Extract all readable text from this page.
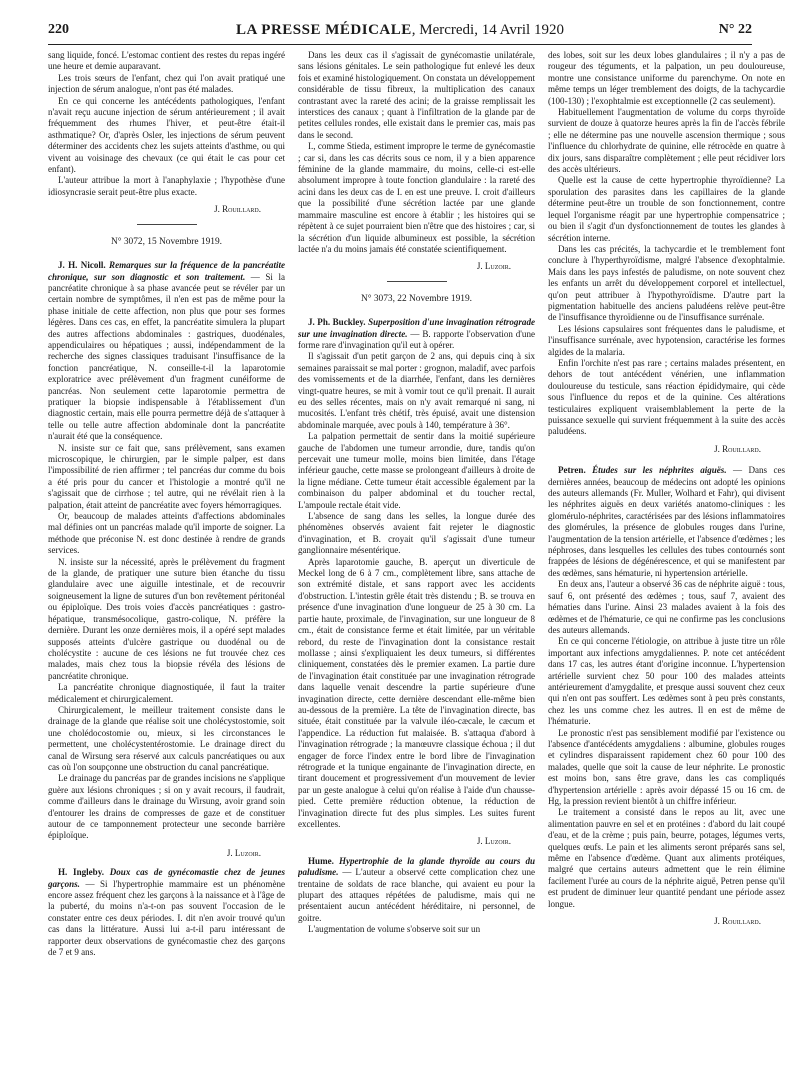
220	LA PRESSE MÉDICALE, Mercredi, 14 Avril 1920	N° 22

sang liquide, foncé. L'estomac contient des restes du repas ingéré une heure et demie auparavant.

Les trois sœurs de l'enfant, chez qui l'on avait pratiqué une injection de sérum analogue, n'ont pas été malades.

En ce qui concerne les antécédents pathologiques, l'enfant n'avait reçu aucune injection de sérum antérieurement ; il avait fréquemment des rhumes l'hiver, et peut-être était-il asthmatique? Or, d'après Osler, les injections de sérum peuvent déterminer des accidents chez les sujets atteints d'asthme, ou qui vivent au voisinage des chevaux (ce qui était le cas pour cet enfant).

L'auteur attribue la mort à l'anaphylaxie ; l'hypothèse d'une idiosyncrasie serait peut-être plus exacte.

J. Rouillard.
N° 3072, 15 Novembre 1919.

J. H. Nicoll. Remarques sur la fréquence de la pancréatite chronique, sur son diagnostic et son traitement. — Si la pancréatite chronique à sa phase avancée peut se révéler par un certain nombre de symptômes, il n'en est pas de même pour la phase initiale de cette affection, non plus que pour ses formes légères. Dans ces cas, en effet, la pancréatite simulera la plupart des autres affections abdominales : gastriques, duodénales, appendiculaires ou hépatiques ; aussi, indépendamment de la recherche des signes classiques traduisant l'insuffisance de la fonction pancréatique, N. conseille-t-il la laparotomie exploratrice avec prélèvement d'un fragment cunéiforme de pancréas. Non seulement cette laparotomie permettra de pratiquer la biopsie indispensable à l'établissement d'un diagnostic certain, mais elle pourra permettre déjà de s'attaquer à telle ou telle autre affection abdominale dont la pancréatite n'aurait été que la conséquence.

N. insiste sur ce fait que, sans prélèvement, sans examen microscopique, le chirurgien, par le simple palper, est dans l'impossibilité de rien affirmer ; tel pancréas dur comme du bois a été pris pour du cancer et l'histologie a montré qu'il ne s'agissait que de cirrhose ; tel autre, qui ne révélait rien à la palpation, était atteint de pancréatite avec foyers hémorragiques.

Or, beaucoup de malades atteints d'affections abdominales mal définies ont un pancréas malade qu'il importe de soigner. La méthode que préconise N. est donc destinée à rendre de grands services.

N. insiste sur la nécessité, après le prélèvement du fragment de la glande, de pratiquer une suture bien étanche du tissu glandulaire avec une aiguille intestinale, et de recouvrir soigneusement la ligne de sutures d'un bon revêtement péritonéal ou épiploïque. Des trois voies d'accès pancréatiques : gastro-hépatique, transmésocolique, gastro-colique, N. préfère la dernière. Durant les onze dernières mois, il a opéré sept malades supposés atteints d'ulcère gastrique ou duodénal ou de cholécystite : aucune de ces lésions ne fut trouvée chez ces malades, mais chez tous la biopsie révéla des lésions de pancréatite chronique.

La pancréatite chronique diagnostiquée, il faut la traiter médicalement et chirurgicalement.

Chirurgicalement, le meilleur traitement consiste dans le drainage de la glande que réalise soit une cholécystostomie, soit une cholédocostomie ou, mieux, si les circonstances le permettent, une cholécystentérostomie. Le drainage direct du canal de Wirsung sera réservé aux calculs pancréatiques ou aux cas où l'on soupçonne une obstruction du canal pancréatique.

Le drainage du pancréas par de grandes incisions ne s'applique guère aux lésions chroniques ; si on y avait recours, il faudrait, comme d'ailleurs dans le drainage du Wirsung, avoir grand soin d'entourer les drains de compresses de gaze et de constituer autour de ce tamponnement protecteur une seconde barrière épiploïque.

J. Luzoir.

H. Ingleby. Doux cas de gynécomastie chez de jeunes garçons. — Si l'hypertrophie mammaire est un phénomène encore assez fréquent chez les garçons à la naissance et à l'âge de la puberté, du moins n'a-t-on pas souvent l'occasion de le constater entre ces deux périodes. I. dit n'en avoir trouvé qu'un cas dans la littérature. Aussi lui a-t-il paru intéressant de rapporter deux observations de gynécomastie chez des garçons de 7 et 9 ans.

Dans les deux cas il s'agissait de gynécomastie unilatérale, sans lésions génitales. Le sein pathologique fut enlevé les deux fois et examiné histologiquement. On constata un développement considérable de tissu fibreux, la multiplication des canaux contrastant avec la rareté des acini; de la graisse remplissait les interstices des canaux ; quant à l'infiltration de la glande par de petites cellules rondes, elle existait dans le premier cas, mais pas dans le second.

I., comme Stieda, estiment impropre le terme de gynécomastie ; car si, dans les cas décrits sous ce nom, il y a bien apparence féminine de la glande mammaire, du moins, celle-ci est-elle absolument impropre à toute fonction glandulaire : la rareté des acini dans les deux cas de I. en est une preuve. I. croit d'ailleurs que la possibilité d'une sécrétion lactée par une glande mammaire masculine est encore à établir ; les histoires qui se répètent à ce sujet pourraient bien n'être que des histoires ; car, si la sécrétion d'un liquide albumineux est possible, la sécrétion lactée n'a du moins jamais été constatée scientifiquement.

J. Luzoir.
N° 3073, 22 Novembre 1919.

J. Ph. Buckley. Superposition d'une invagination rétrograde sur une invagination directe. — B. rapporte l'observation d'une forme rare d'invagination qu'il eut à opérer.

Il s'agissait d'un petit garçon de 2 ans, qui depuis cinq à six semaines paraissait se mal porter : grognon, maladif, avec parfois des vomissements et de la diarrhée, l'enfant, dans les dernières vingt-quatre heures, se mit à vomir tout ce qu'il prenait. Il aurait eu des selles récentes, mais on n'y avait remarqué ni sang, ni mucosités. L'enfant très chétif, très épuisé, avait une distension abdominale marquée, avec pouls à 140, température à 36°.

La palpation permettait de sentir dans la moitié supérieure gauche de l'abdomen une tumeur arrondie, dure, tandis qu'on percevait une tumeur molle, moins bien limitée, dans l'étage inférieur gauche, cette masse se prolongeant d'ailleurs à droite de la ligne médiane. Cette tumeur était accessible également par la combinaison du palper abdominal et du toucher rectal, L'ampoule rectale était vide.

L'absence de sang dans les selles, la longue durée des phénomènes observés avaient fait rejeter le diagnostic d'invagination, et B. croyait qu'il s'agissait d'une tumeur ganglionnaire mésentérique.

Après laparotomie gauche, B. aperçut un diverticule de Meckel long de 6 à 7 cm., complètement libre, sans attache de son extrémité distale, et sans rapport avec les accidents d'obstruction. L'intestin grêle était très distendu ; B. se trouva en présence d'une invagination d'une longueur de 25 à 30 cm. La partie haute, proximale, de l'invagination, sur une longueur de 8 cm., était de consistance ferme et était limitée, par un véritable rebord, du reste de l'invagination dont la consistance restait mollasse ; ainsi s'expliquaient les deux tumeurs, si différentes cliniquement, constatées dès le premier examen. La partie dure de l'invagination était constituée par une invagination rétrograde dans laquelle venait descendre la partie supérieure d'une invagination directe, cette dernière descendant elle-même bien au-dessous de la première. La tête de l'invagination directe, bas située, était constituée par la valvule iléo-cæcale, le cæcum et l'appendice. La réduction fut malaisée. B. s'attaqua d'abord à l'invagination rétrograde ; la manœuvre classique échoua ; il dut engager de force l'index entre le bord libre de l'invagination rétrograde et la tunique engainante de l'invagination directe, en tirant doucement et progressivement d'un mouvement de levier par un geste analogue à celui qu'on réalise à l'aide d'un chausse-pied. Cette première réduction obtenue, la réduction de l'invagination directe fut des plus simples. Les suites furent excellentes.

J. Luzoir.

Hume. Hypertrophie de la glande thyroïde au cours du paludisme. — L'auteur a observé cette complication chez une trentaine de soldats de race blanche, qui avaient eu pour la plupart des attaques répétées de paludisme, mais qui ne présentaient aucun antécédent héréditaire, ni personnel, de goitre.

L'augmentation de volume s'observe soit sur un

des lobes, soit sur les deux lobes glandulaires ; il n'y a pas de rougeur des téguments, et la palpation, un peu douloureuse, montre une consistance uniforme du parenchyme. On note en même temps un léger tremblement des doigts, de la tachycardie (100-130) ; l'exophtalmie est exceptionnelle (2 cas seulement).

Habituellement l'augmentation de volume du corps thyroïde survient de douze à quatorze heures après la fin de l'accès fébrile ; elle ne détermine pas une nouvelle ascension thermique ; sous l'influence du chlorhydrate de quinine, elle rétrocède en quatre à dix jours, sans disparaître complètement ; elle peut récidiver lors des accès ultérieurs.

Quelle est la cause de cette hypertrophie thyroïdienne? La sporulation des parasites dans les capillaires de la glande détermine peut-être un trouble de son fonctionnement, contre lequel l'organisme réagit par une hypertrophie compensatrice ; ou bien il s'agit d'un dysfonctionnement de toutes les glandes à sécrétion interne.

Dans les cas précités, la tachycardie et le tremblement font conclure à l'hyperthyroïdisme, malgré l'absence d'exophtalmie. Mais dans les pays infestés de paludisme, on note souvent chez les enfants un arrêt du développement corporel et intellectuel, qu'on peut attribuer à l'hypothyroïdisme. D'autre part la pigmentation habituelle des anciens paludéens relève peut-être de l'insuffisance thyroïdienne ou de l'insuffisance surrénale.

Les lésions capsulaires sont fréquentes dans le paludisme, et l'insuffisance surrénale, avec hypotension, caractérise les formes algides de la malaria.

Enfin l'orchite n'est pas rare ; certains malades présentent, en dehors de tout antécédent vénérien, une inflammation douloureuse du testicule, sans réaction épididymaire, qui cède sous l'influence du repos et de la quinine. Ces altérations testiculaires expliquent vraisemblablement la perte de la puissance sexuelle qui survient fréquemment à la suite des accès paludéens.

J. Rouillard.

Petren. Études sur les néphrites aiguës. — Dans ces dernières années, beaucoup de médecins ont adopté les opinions des auteurs allemands (Fr. Muller, Wolhard et Fahr), qui divisent les néphrites aiguës en deux variétés anatomo-cliniques : les glomérulo-néphrites, caractérisées par des lésions inflammatoires des glomérules, la présence de globules rouges dans l'urine, l'augmentation de la tension artérielle, et l'absence d'œdèmes ; les néphroses, dans lesquelles les cellules des tubes contournés sont frappées de lésions de dégénérescence, et qui se manifestent par des œdèmes, sans hématurie, ni hypertension artérielle.

En deux ans, l'auteur a observé 36 cas de néphrite aiguë : tous, sauf 6, ont présenté des œdèmes ; tous, sauf 7, avaient des hématies dans l'urine. Ainsi 23 malades avaient à la fois des œdèmes et de l'hématurie, ce qui ne confirme pas les conclusions des auteurs allemands.

En ce qui concerne l'étiologie, on attribue à juste titre un rôle important aux infections amygdaliennes. P. note cet antécédent dans 17 cas, les autres étant d'origine inconnue. L'hypertension artérielle survient chez 50 pour 100 des malades atteints antérieurement d'amygdalite, et presque aussi souvent chez ceux qui n'en ont pas souffert. Les œdèmes sont à peu près constants, chez les uns comme chez les autres. Il en est de même de l'hématurie.

Le pronostic n'est pas sensiblement modifié par l'existence ou l'absence d'antécédents amygdaliens : albumine, globules rouges et cylindres disparaissent rapidement chez 60 pour 100 des malades, quelle que soit la cause de leur néphrite. Le pronostic est moins bon, sans être grave, dans les cas compliqués d'hypertension artérielle : après avoir dépassé 15 ou 16 cm. de Hg, la pression revient bientôt à un chiffre inférieur.

Le traitement a consisté dans le repos au lit, avec une alimentation pauvre en sel et en protéines : d'abord du lait coupé d'eau, et de la crème ; puis pain, beurre, potages, légumes verts, quelques œufs. Le pain et les aliments seront préparés sans sel, même en l'absence d'œdème. Quant aux aliments protéiques, malgré que certains auteurs admettent que le rein élimine facilement l'urée au cours de la néphrite aiguë, Petren pense qu'il est prudent de diminuer leur quantité pendant une période assez longue.

J. Rouillard.
